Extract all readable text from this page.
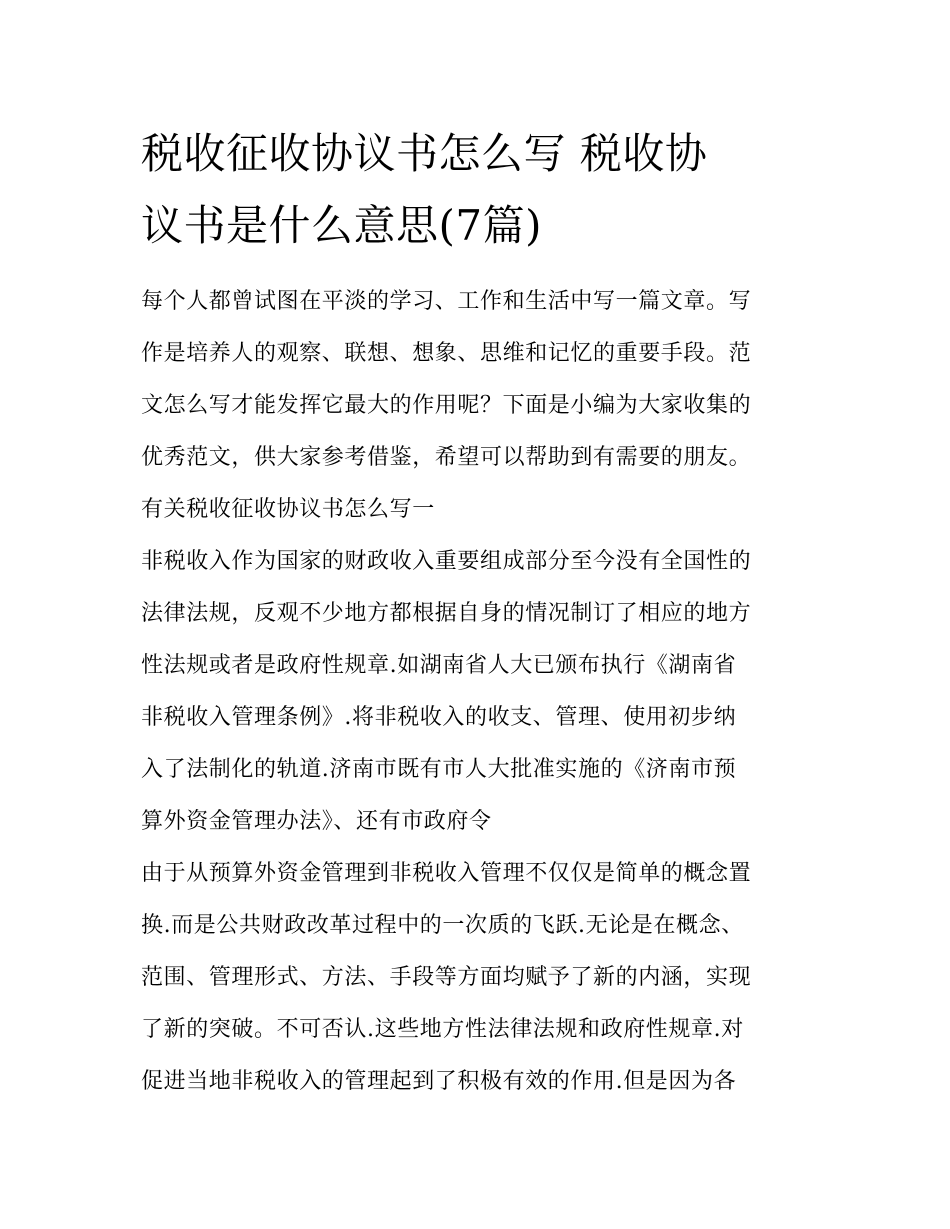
税收征收协议书怎么写 税收协
议书是什么意思(7篇)
每个人都曾试图在平淡的学习、工作和生活中写一篇文章。写
作是培养人的观察、联想、想象、思维和记忆的重要手段。范
文怎么写才能发挥它最大的作用呢？下面是小编为大家收集的
优秀范文，供大家参考借鉴，希望可以帮助到有需要的朋友。
有关税收征收协议书怎么写一
非税收入作为国家的财政收入重要组成部分至今没有全国性的
法律法规，反观不少地方都根据自身的情况制订了相应的地方
性法规或者是政府性规章.如湖南省人大已颁布执行《湖南省
非税收入管理条例》.将非税收入的收支、管理、使用初步纳
入了法制化的轨道.济南市既有市人大批准实施的《济南市预
算外资金管理办法》、还有市政府令
由于从预算外资金管理到非税收入管理不仅仅是简单的概念置
换.而是公共财政改革过程中的一次质的飞跃.无论是在概念、
范围、管理形式、方法、手段等方面均赋予了新的内涵，实现
了新的突破。不可否认.这些地方性法律法规和政府性规章.对
促进当地非税收入的管理起到了积极有效的作用.但是因为各
